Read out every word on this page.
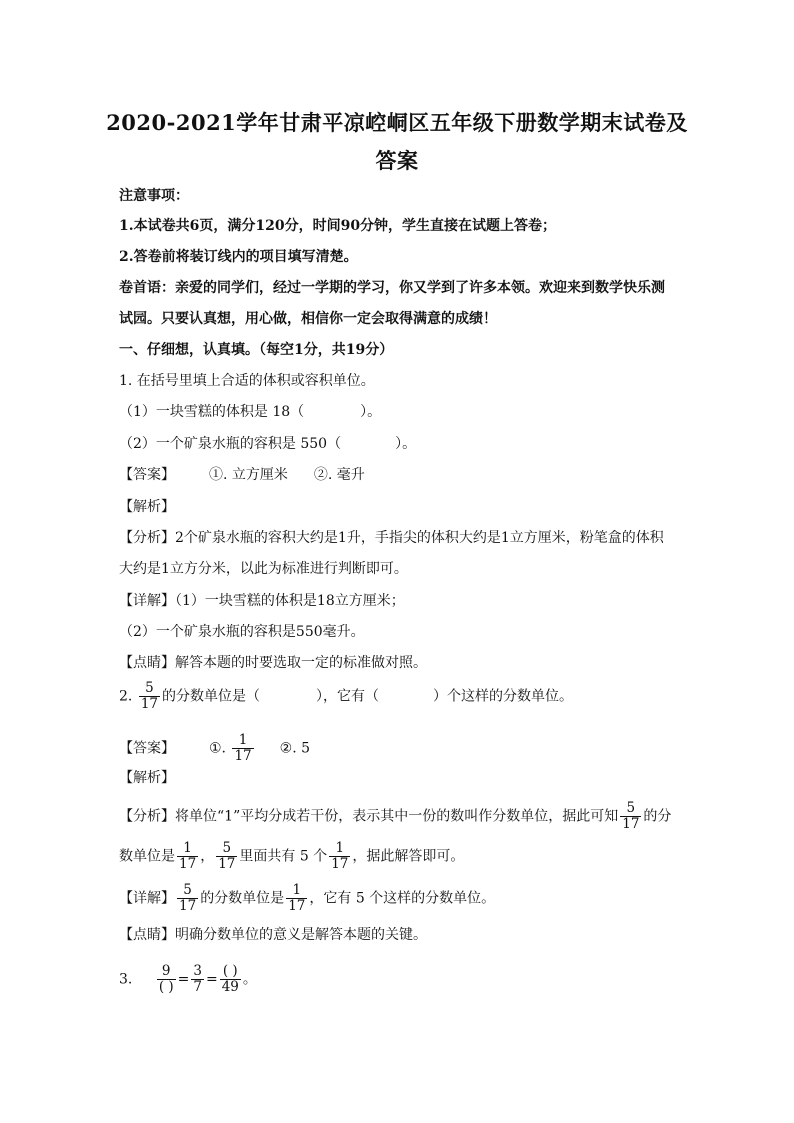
2020-2021学年甘肃平凉崆峒区五年级下册数学期末试卷及
答案
注意事项：
1.本试卷共6页，满分120分，时间90分钟，学生直接在试题上答卷；
2.答卷前将装订线内的项目填写清楚。
卷首语：亲爱的同学们，经过一学期的学习，你又学到了许多本领。欢迎来到数学快乐测
试园。只要认真想，用心做，相信你一定会取得满意的成绩！
一、仔细想，认真填。（每空1分，共19分）
1. 在括号里填上合适的体积或容积单位。
（1）一块雪糕的体积是 18（	）。
（2）一个矿泉水瓶的容积是 550（	）。
【答案】 ①. 立方厘米 ②. 毫升
【解析】
【分析】2个矿泉水瓶的容积大约是1升，手指尖的体积大约是1立方厘米，粉笔盒的体积
大约是1立方分米，以此为标准进行判断即可。
【详解】（1）一块雪糕的体积是18立方厘米；
（2）一个矿泉水瓶的容积是550毫升。
【点睛】解答本题的时要选取一定的标准做对照。
2. $\frac{5}{17}$ 的分数单位是（	），它有（	）个这样的分数单位。
【答案】 ①. $\frac{1}{17}$ ②. 5
【解析】
【分析】将单位“1”平均分成若干份，表示其中一份的数叫作分数单位，据此可知 $\frac{5}{17}$ 的分
数单位是 $\frac{1}{17}$ ， $\frac{5}{17}$ 里面共有 5 个 $\frac{1}{17}$ ，据此解答即可。
【详解】 $\frac{5}{17}$ 的分数单位是 $\frac{1}{17}$ ，它有 5 个这样的分数单位。
【点睛】明确分数单位的意义是解答本题的关键。
3. $\frac{9}{( )} = \frac{3}{7} = \frac{( )}{49}$ 。
